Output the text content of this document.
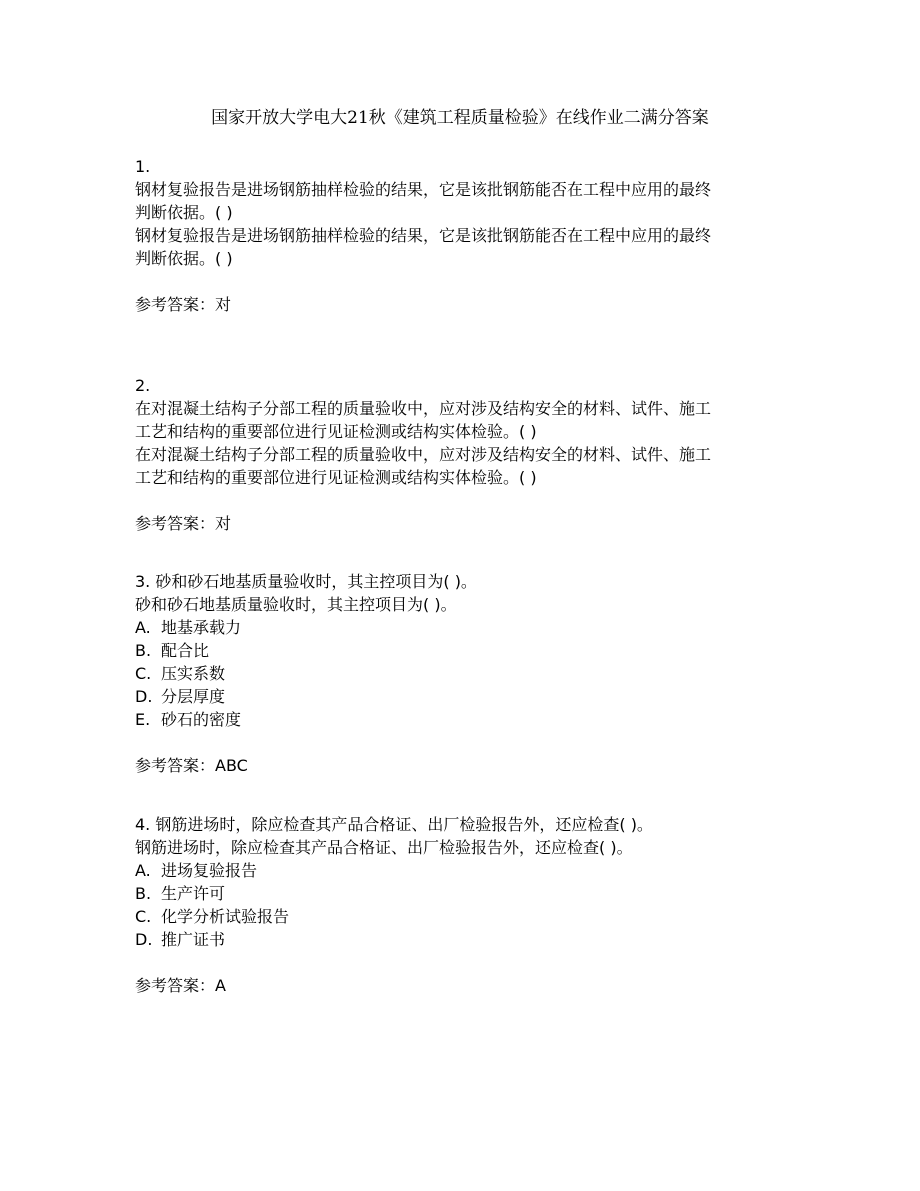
国家开放大学电大21秋《建筑工程质量检验》在线作业二满分答案
1.
钢材复验报告是进场钢筋抽样检验的结果，它是该批钢筋能否在工程中应用的最终
判断依据。( )
钢材复验报告是进场钢筋抽样检验的结果，它是该批钢筋能否在工程中应用的最终
判断依据。( )
参考答案：对
2.
在对混凝土结构子分部工程的质量验收中，应对涉及结构安全的材料、试件、施工
工艺和结构的重要部位进行见证检测或结构实体检验。( )
在对混凝土结构子分部工程的质量验收中，应对涉及结构安全的材料、试件、施工
工艺和结构的重要部位进行见证检测或结构实体检验。( )
参考答案：对
3. 砂和砂石地基质量验收时，其主控项目为( )。
砂和砂石地基质量验收时，其主控项目为( )。
A. 地基承载力
B. 配合比
C. 压实系数
D. 分层厚度
E. 砂石的密度
参考答案：ABC
4. 钢筋进场时，除应检查其产品合格证、出厂检验报告外，还应检查( )。
钢筋进场时，除应检查其产品合格证、出厂检验报告外，还应检查( )。
A. 进场复验报告
B. 生产许可
C. 化学分析试验报告
D. 推广证书
参考答案：A
